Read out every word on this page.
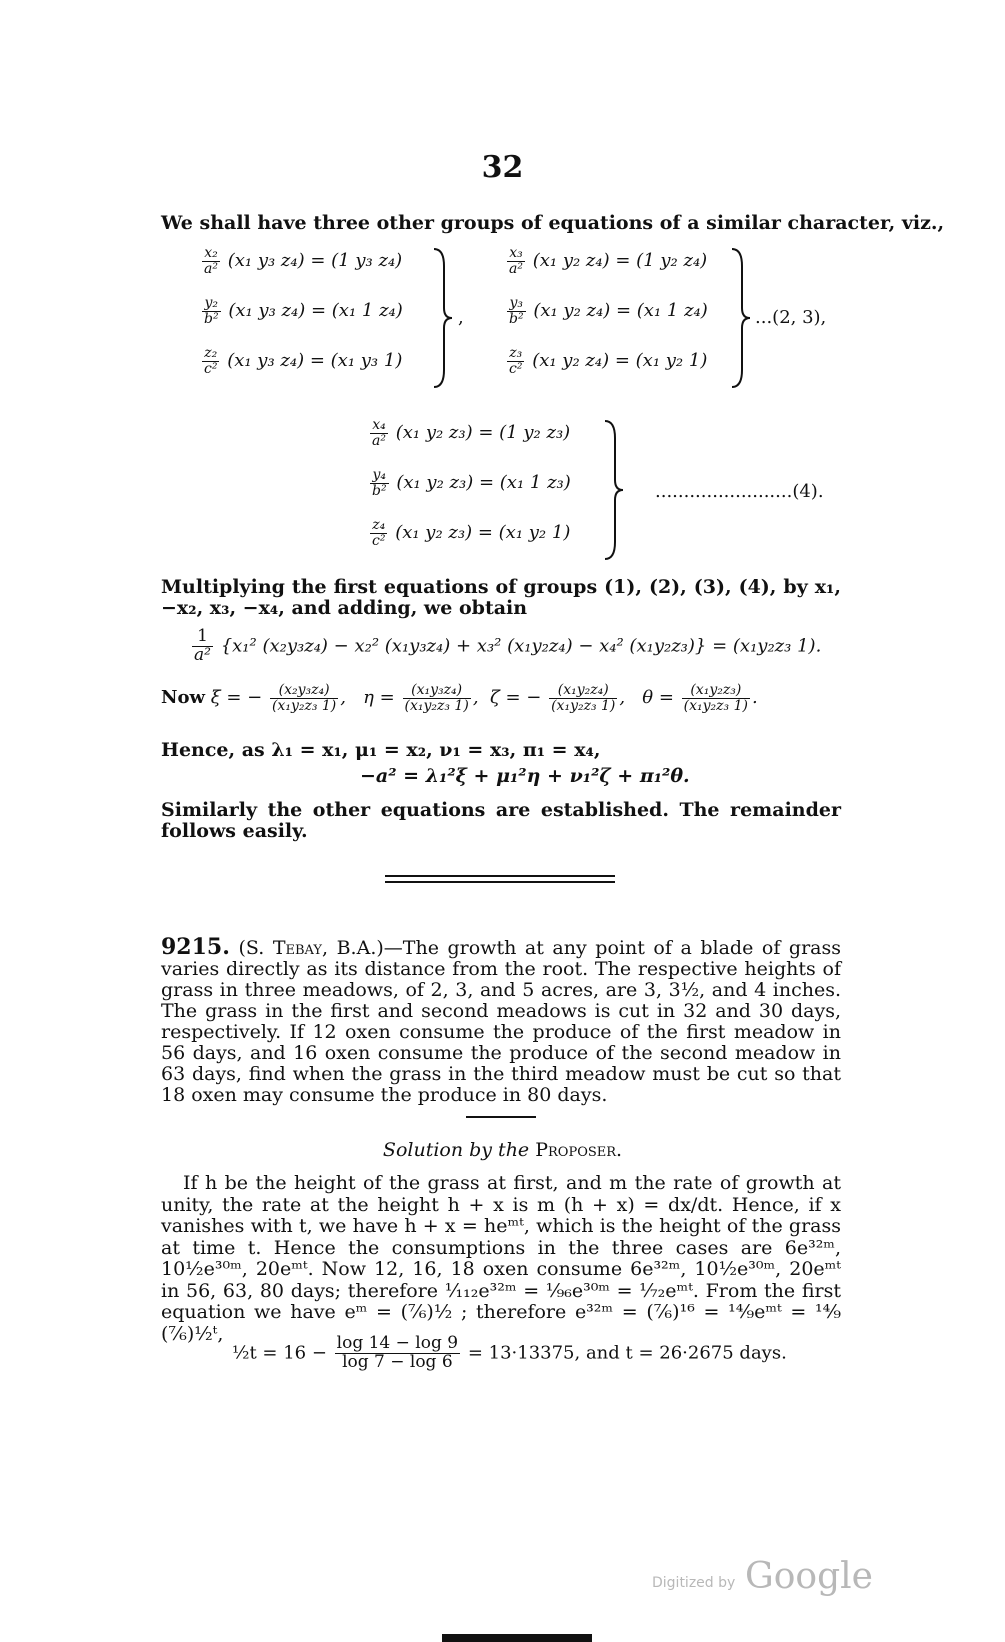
32
We shall have three other groups of equations of a similar character, viz.,
$\frac{\text{x₂}}{\text{a²}} (x_1$ y₃ z₄) = (1 y₃ z₄)
$\frac{\text{y₂}}{\text{b²}} (x_1$ y₃ z₄) = (x₁ 1 z₄)
$\frac{\text{z₂}}{\text{c²}} (x_1$ y₃ z₄) = (x₁ y₃ 1)
,
$\frac{\text{x₃}}{\text{a²}} (x_1$ y₂ z₄) = (1 y₂ z₄)
$\frac{\text{y₃}}{\text{b²}} (x_1$ y₂ z₄) = (x₁ 1 z₄)
$\frac{\text{z₃}}{\text{c²}} (x_1$ y₂ z₄) = (x₁ y₂ 1)
...(2, 3),
$\frac{\text{x₄}}{\text{a²}} (x_1$ y₂ z₃) = (1 y₂ z₃)
$\frac{\text{y₄}}{\text{b²}} (x_1$ y₂ z₃) = (x₁ 1 z₃)
$\frac{\text{z₄}}{\text{c²}} (x_1$ y₂ z₃) = (x₁ y₂ 1)
........................(4).
Multiplying the first equations of groups (1), (2), (3), (4), by x₁, −x₂, x₃, −x₄, and adding, we obtain
$\frac{1}{\text{a²}} \{x_1^2$ (x₂y₃z₄) − x₂² (x₁y₃z₄) + x₃² (x₁y₂z₄) − x₄² (x₁y₂z₃)} = (x₁y₂z₃ 1).
Now ξ = − $\frac{\text{(x₂y₃z₄)}}{\text{(x₁y₂z₃ 1)}}$ ,   $\eta = \frac{\text{(x₁y₃z₄)}}{\text{(x₁y₂z₃ 1)}}$ ,  ζ = − $\frac{\text{(x₁y₂z₄)}}{\text{(x₁y₂z₃ 1)}}$ ,   $\theta = \frac{\text{(x₁y₂z₃)}}{\text{(x₁y₂z₃ 1)}}$ .
Hence, as λ₁ = x₁, μ₁ = x₂, ν₁ = x₃, π₁ = x₄,
−a² = λ₁²ξ + μ₁²η + ν₁²ζ + π₁²θ.
Similarly the other equations are established. The remainder follows easily.
9215. (S. Tebay, B.A.)—The growth at any point of a blade of grass varies directly as its distance from the root. The respective heights of grass in three meadows, of 2, 3, and 5 acres, are 3, 3½, and 4 inches. The grass in the first and second meadows is cut in 32 and 30 days, respectively. If 12 oxen consume the produce of the first meadow in 56 days, and 16 oxen consume the produce of the second meadow in 63 days, find when the grass in the third meadow must be cut so that 18 oxen may consume the produce in 80 days.
Solution by the Proposer.
If h be the height of the grass at first, and m the rate of growth at unity, the rate at the height h + x is m (h + x) = dx/dt. Hence, if x vanishes with t, we have h + x = heᵐᵗ, which is the height of the grass at time t. Hence the consumptions in the three cases are 6e³²ᵐ, 10½e³⁰ᵐ, 20eᵐᵗ. Now 12, 16, 18 oxen consume 6e³²ᵐ, 10½e³⁰ᵐ, 20eᵐᵗ in 56, 63, 80 days; therefore ¹⁄₁₁₂e³²ᵐ = ¹⁄₉₆e³⁰ᵐ = ¹⁄₇₂eᵐᵗ. From the first equation we have eᵐ = (⁷⁄₆)½ ; therefore e³²ᵐ = (⁷⁄₆)¹⁶ = ¹⁴⁄₉eᵐᵗ = ¹⁴⁄₉ (⁷⁄₆)½ᵗ,
½t = $16 - \frac{\log 14 - \log 9}{\log 7 - \log 6} = 13\cdot 13375$, and t = 26·2675 days.
Digitized by Google
